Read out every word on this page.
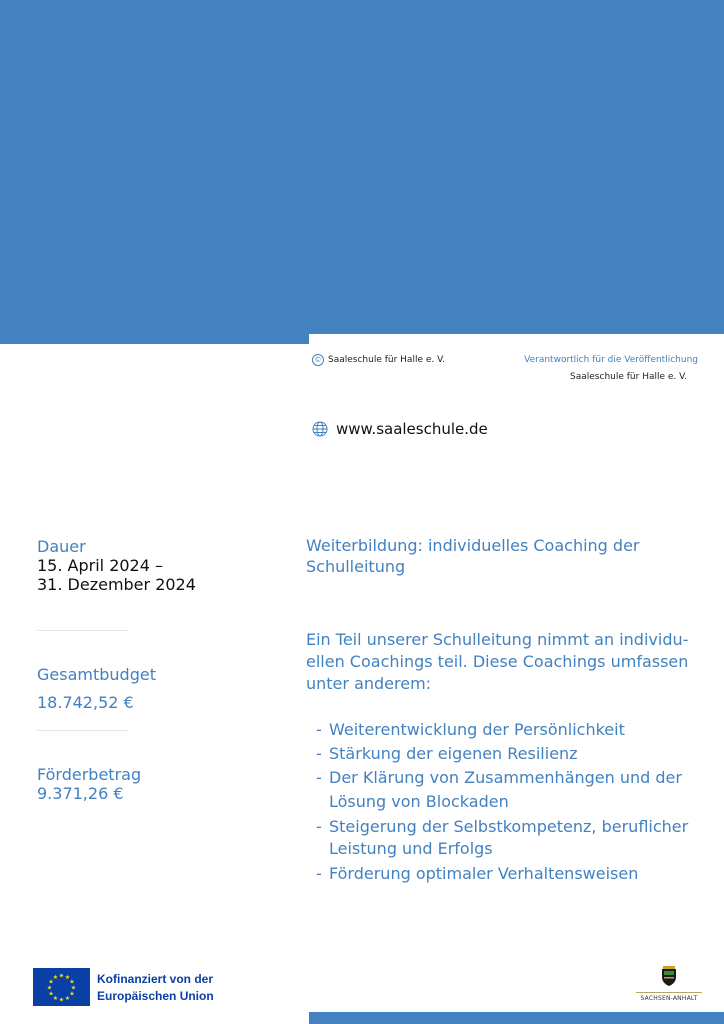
© Saaleschule für Halle e. V.	Verantwortlich für die Veröffentlichung
Saaleschule für Halle e. V.
www.saaleschule.de
Dauer
15. April 2024 –
31. Dezember 2024
Gesamtbudget
18.742,52 €
Förderbetrag
9.371,26 €
Weiterbildung: individuelles Coaching der
Schulleitung
Ein Teil unserer Schulleitung nimmt an individu-
ellen Coachings teil. Diese Coachings umfassen
unter anderem:
- Weiterentwicklung der Persönlichkeit
- Stärkung der eigenen Resilienz
- Der Klärung von Zusammenhängen und der
Lösung von Blockaden
- Steigerung der Selbstkompetenz, beruflicher
Leistung und Erfolgs
- Förderung optimaler Verhaltensweisen
★ ★
★
★
★
★
★
★
★
★
★
★	Kofinanziert von der
Europäischen Union	SACHSEN-ANHALT
